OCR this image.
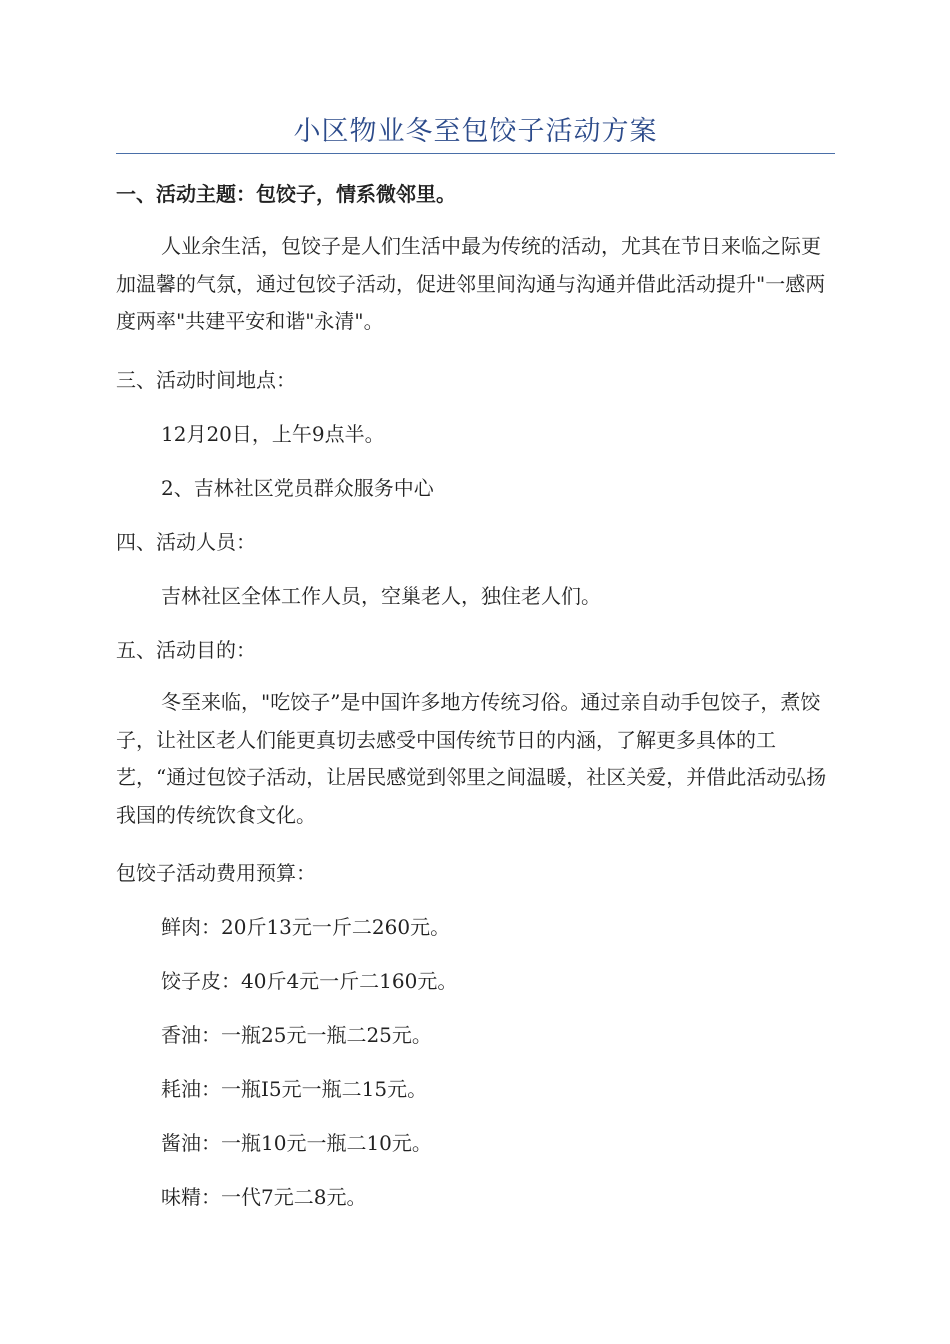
小区物业冬至包饺子活动方案
一、活动主题：包饺子，情系微邻里。
人业余生活，包饺子是人们生活中最为传统的活动，尤其在节日来临之际更加温馨的气氛，通过包饺子活动，促进邻里间沟通与沟通并借此活动提升"一感两度两率"共建平安和谐"永清"。
三、活动时间地点：
12月20日，上午9点半。
2、吉林社区党员群众服务中心
四、活动人员：
吉林社区全体工作人员，空巢老人，独住老人们。
五、活动目的：
冬至来临，"吃饺子”是中国许多地方传统习俗。通过亲自动手包饺子，煮饺子，让社区老人们能更真切去感受中国传统节日的内涵，了解更多具体的工艺，“通过包饺子活动，让居民感觉到邻里之间温暖，社区关爱，并借此活动弘扬我国的传统饮食文化。
包饺子活动费用预算：
鲜肉：20斤13元一斤二260元。
饺子皮：40斤4元一斤二160元。
香油：一瓶25元一瓶二25元。
耗油：一瓶I5元一瓶二15元。
酱油：一瓶10元一瓶二10元。
味精：一代7元二8元。
